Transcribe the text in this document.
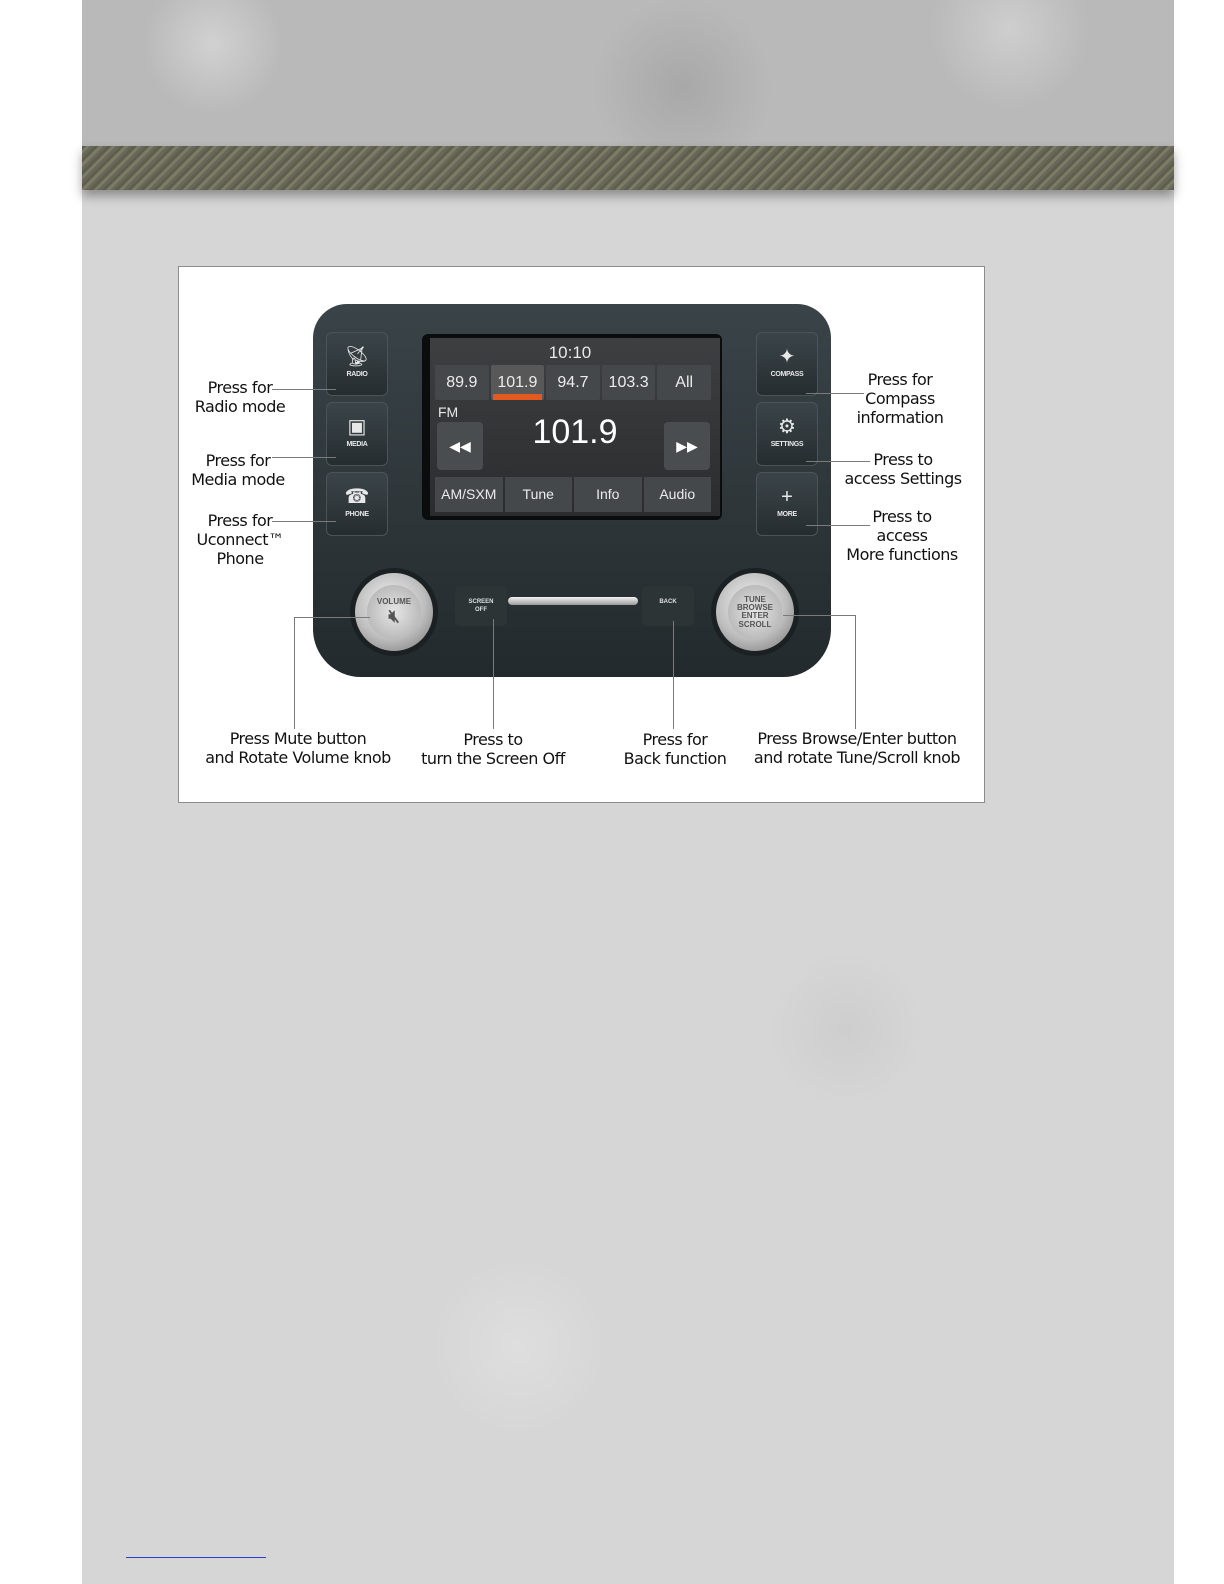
📡︎
RADIO
▣
MEDIA
☎
PHONE
✦
COMPASS
⚙
SETTINGS
+
MORE
10:10
89.9	101.9	94.7	103.3	All
FM
◀◀	101.9	▶▶
AM/SXM	Tune	Info	Audio
VOLUME
🔇︎
SCREEN
OFF
BACK	TUNE
BROWSE
ENTER
SCROLL
Press for
Radio mode
Press for
Media mode
Press for
Uconnect™
Phone
Press for
Compass
information
Press to
access Settings
Press to
access
More functions
Press Mute button
and Rotate Volume knob
Press to
turn the Screen Off
Press for
Back function
Press Browse/Enter button
and rotate Tune/Scroll knob
